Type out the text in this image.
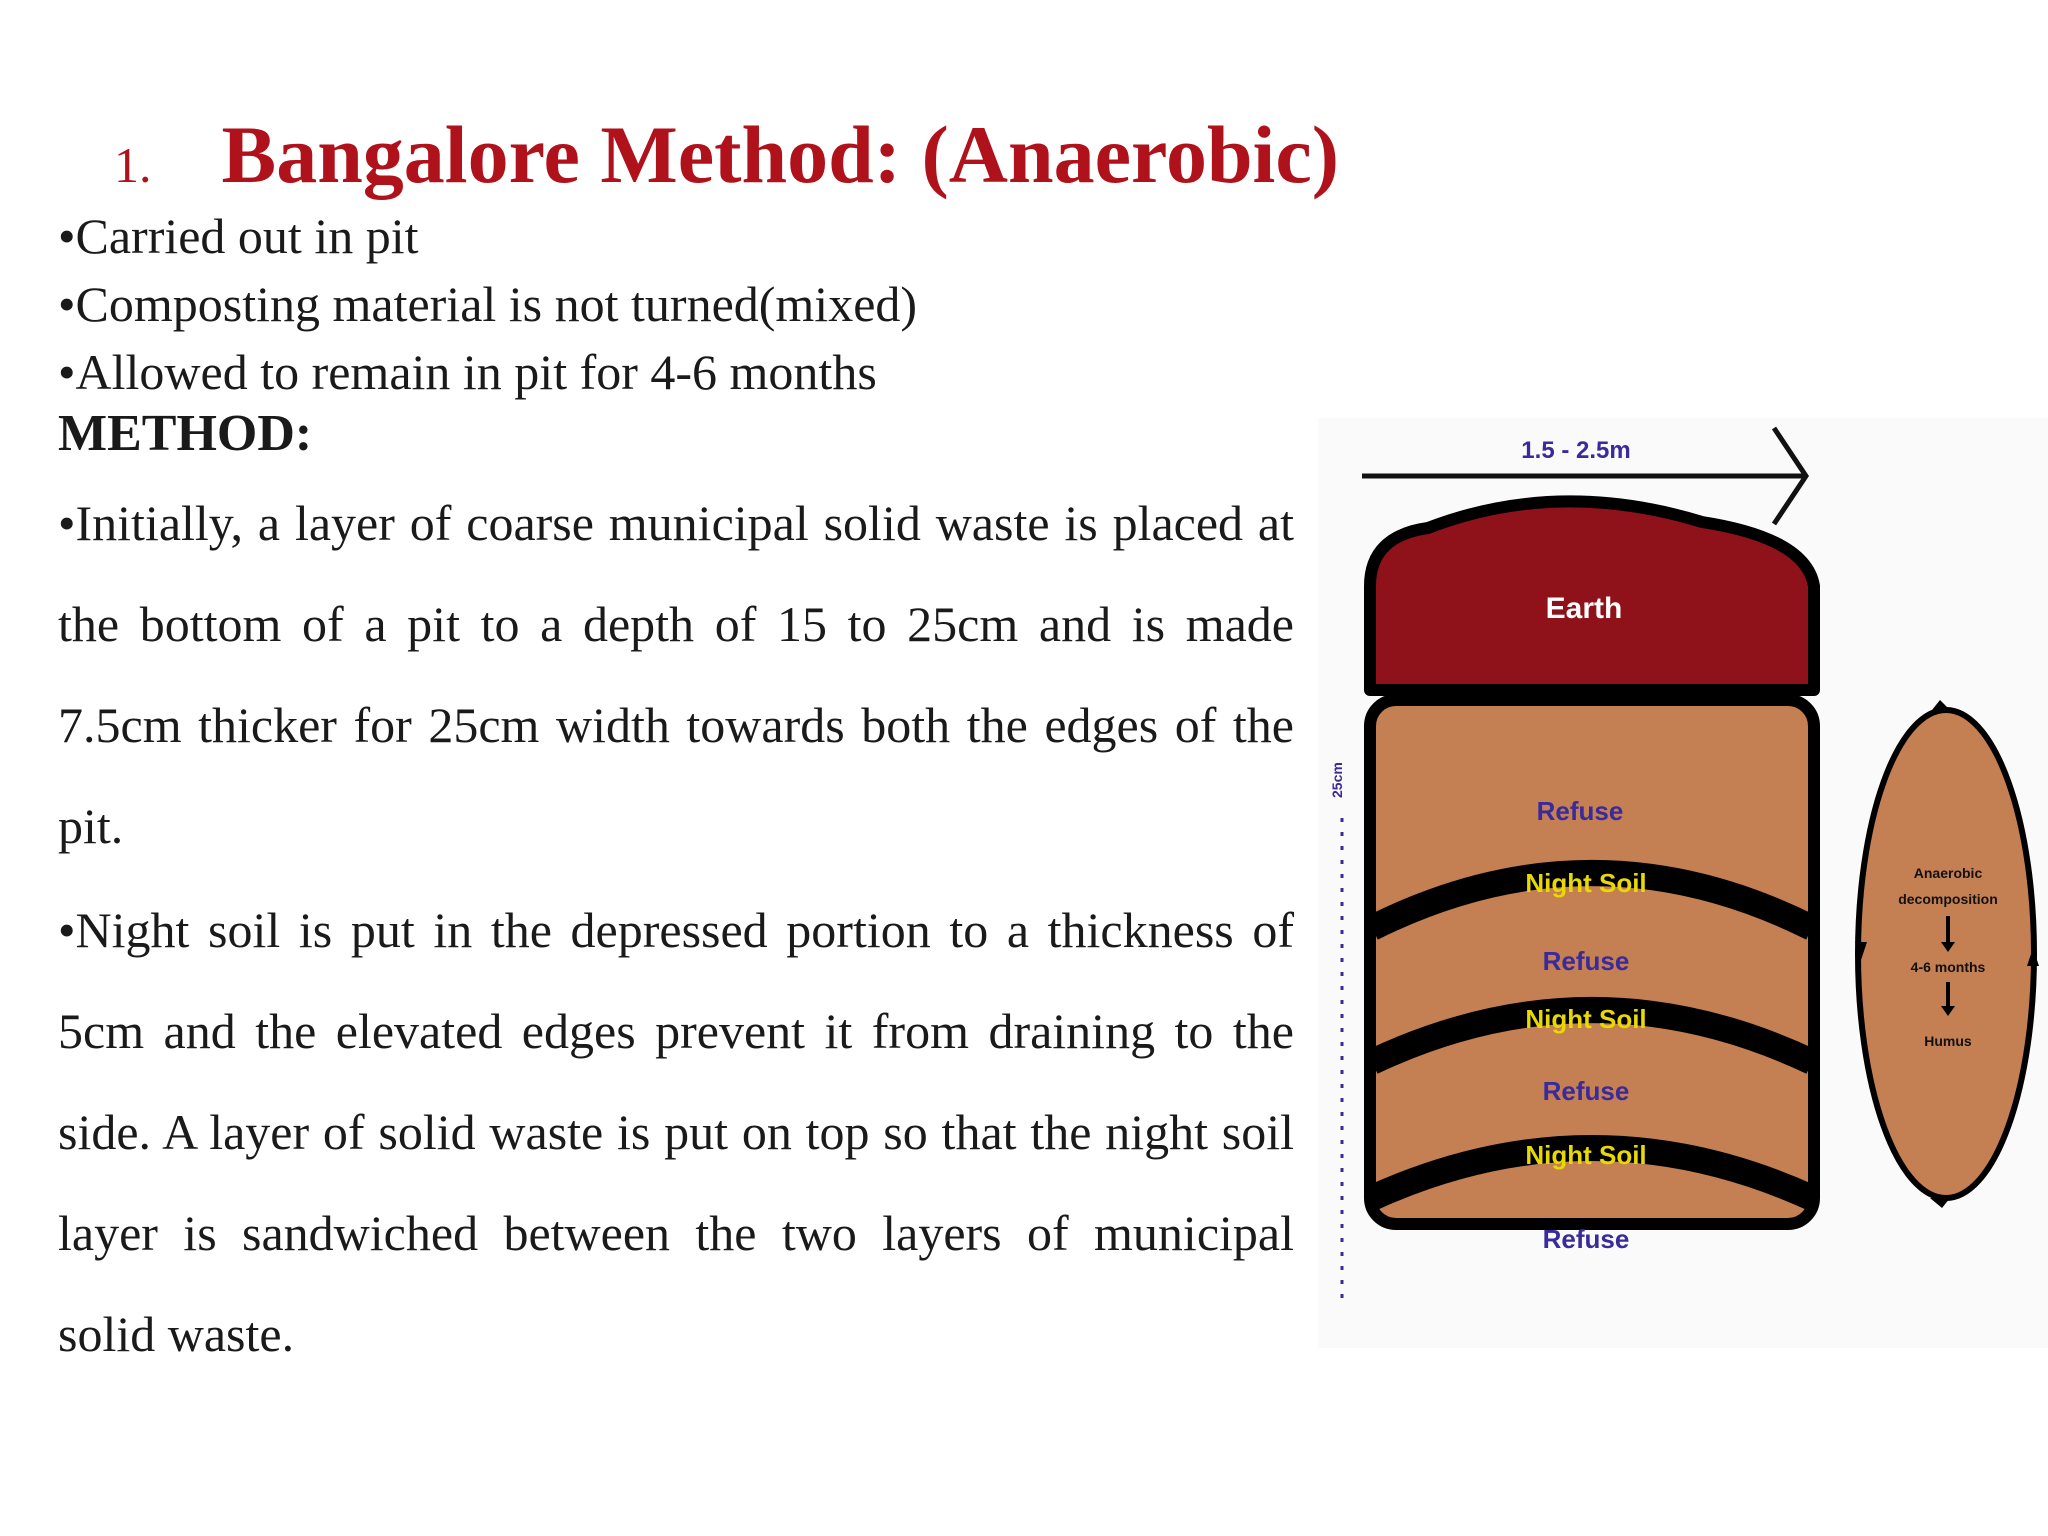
1. Bangalore Method: (Anaerobic)
•Carried out in pit
•Composting material is not turned(mixed)
•Allowed to remain in pit for 4-6 months
METHOD:
•Initially, a layer of coarse municipal solid waste is placed at the bottom of a pit to a depth of 15 to 25cm and is made 7.5cm thicker for 25cm width towards both the edges of the pit.
•Night soil is put in the depressed portion to a thickness of 5cm and the elevated edges prevent it from draining to the side. A layer of solid waste is put on top so that the night soil layer is sandwiched between the two layers of municipal solid waste.
1.5 - 2.5m
Earth
Refuse
Night Soil
Refuse
Night Soil
Refuse
Night Soil
Refuse
25cm
Anaerobic
decomposition
4-6 months
Humus
